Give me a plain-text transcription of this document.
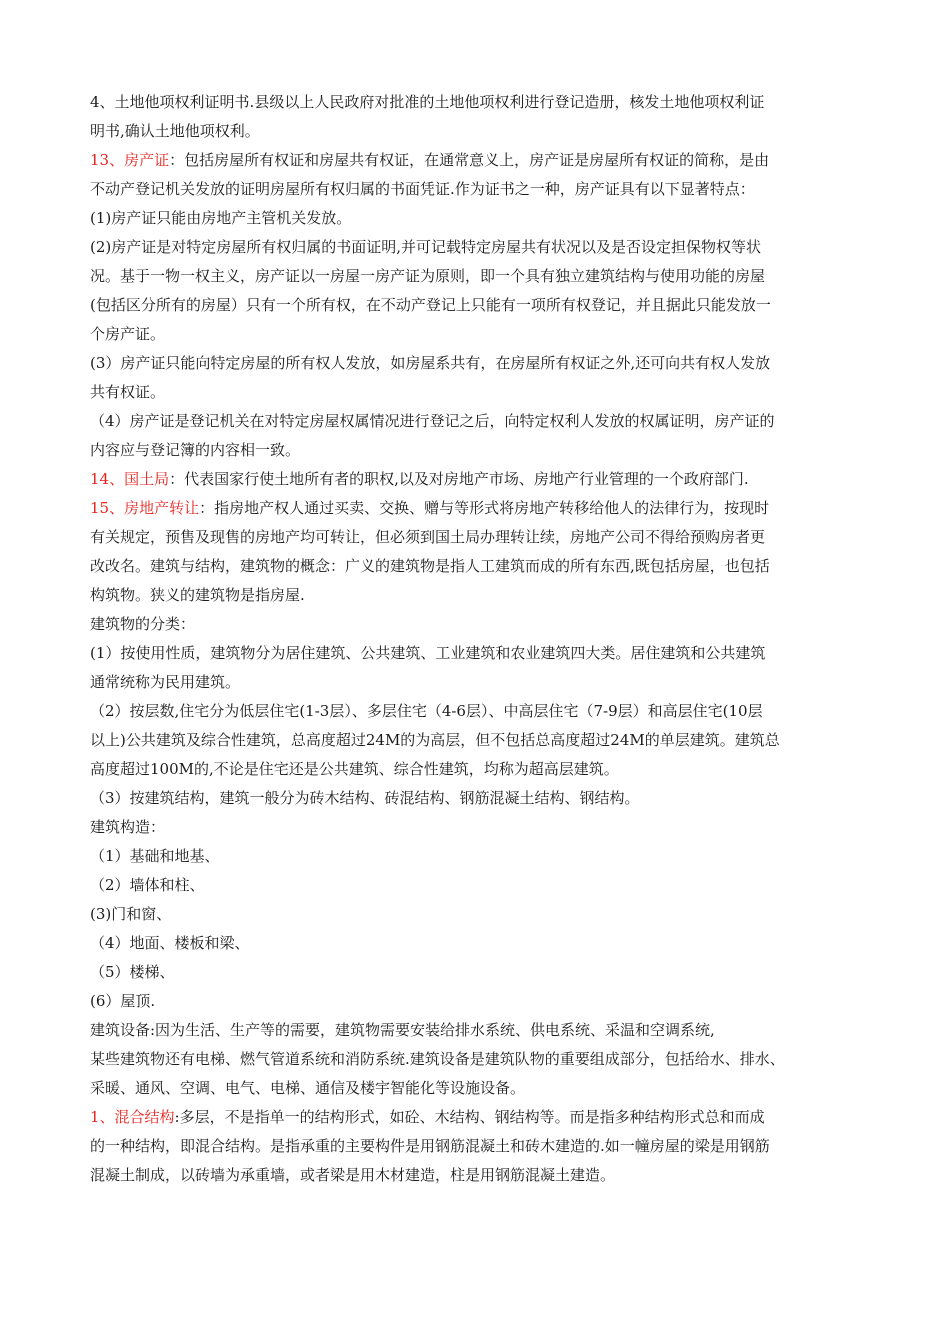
4、土地他项权利证明书.县级以上人民政府对批准的土地他项权利进行登记造册，核发土地他项权利证
明书,确认土地他项权利。
13、房产证：包括房屋所有权证和房屋共有权证，在通常意义上，房产证是房屋所有权证的简称，是由
不动产登记机关发放的证明房屋所有权归属的书面凭证.作为证书之一种，房产证具有以下显著特点：
(1)房产证只能由房地产主管机关发放。
(2)房产证是对特定房屋所有权归属的书面证明,并可记载特定房屋共有状况以及是否设定担保物权等状
况。基于一物一权主义，房产证以一房屋一房产证为原则，即一个具有独立建筑结构与使用功能的房屋
(包括区分所有的房屋）只有一个所有权，在不动产登记上只能有一项所有权登记，并且据此只能发放一
个房产证。
(3）房产证只能向特定房屋的所有权人发放，如房屋系共有，在房屋所有权证之外,还可向共有权人发放
共有权证。
（4）房产证是登记机关在对特定房屋权属情况进行登记之后，向特定权利人发放的权属证明，房产证的
内容应与登记簿的内容相一致。
14、国土局：代表国家行使土地所有者的职权,以及对房地产市场、房地产行业管理的一个政府部门.
15、房地产转让：指房地产权人通过买卖、交换、赠与等形式将房地产转移给他人的法律行为，按现时
有关规定，预售及现售的房地产均可转让，但必须到国土局办理转让续，房地产公司不得给预购房者更
改改名。建筑与结构，建筑物的概念：广义的建筑物是指人工建筑而成的所有东西,既包括房屋，也包括
构筑物。狭义的建筑物是指房屋.
建筑物的分类：
(1）按使用性质，建筑物分为居住建筑、公共建筑、工业建筑和农业建筑四大类。居住建筑和公共建筑
通常统称为民用建筑。
（2）按层数,住宅分为低层住宅(1-3层）、多层住宅（4-6层）、中高层住宅（7-9层）和高层住宅(10层
以上)公共建筑及综合性建筑，总高度超过24M的为高层，但不包括总高度超过24M的单层建筑。建筑总
高度超过100M的,不论是住宅还是公共建筑、综合性建筑，均称为超高层建筑。
（3）按建筑结构，建筑一般分为砖木结构、砖混结构、钢筋混凝土结构、钢结构。
建筑构造：
（1）基础和地基、
（2）墙体和柱、
(3)门和窗、
（4）地面、楼板和梁、
（5）楼梯、
(6）屋顶.
建筑设备:因为生活、生产等的需要，建筑物需要安装给排水系统、供电系统、采温和空调系统,
某些建筑物还有电梯、燃气管道系统和消防系统.建筑设备是建筑队物的重要组成部分，包括给水、排水、
采暖、通风、空调、电气、电梯、通信及楼宇智能化等设施设备。
1、混合结构:多层，不是指单一的结构形式，如砼、木结构、钢结构等。而是指多种结构形式总和而成
的一种结构，即混合结构。是指承重的主要构件是用钢筋混凝土和砖木建造的.如一幢房屋的梁是用钢筋
混凝土制成，以砖墙为承重墙，或者梁是用木材建造，柱是用钢筋混凝土建造。
